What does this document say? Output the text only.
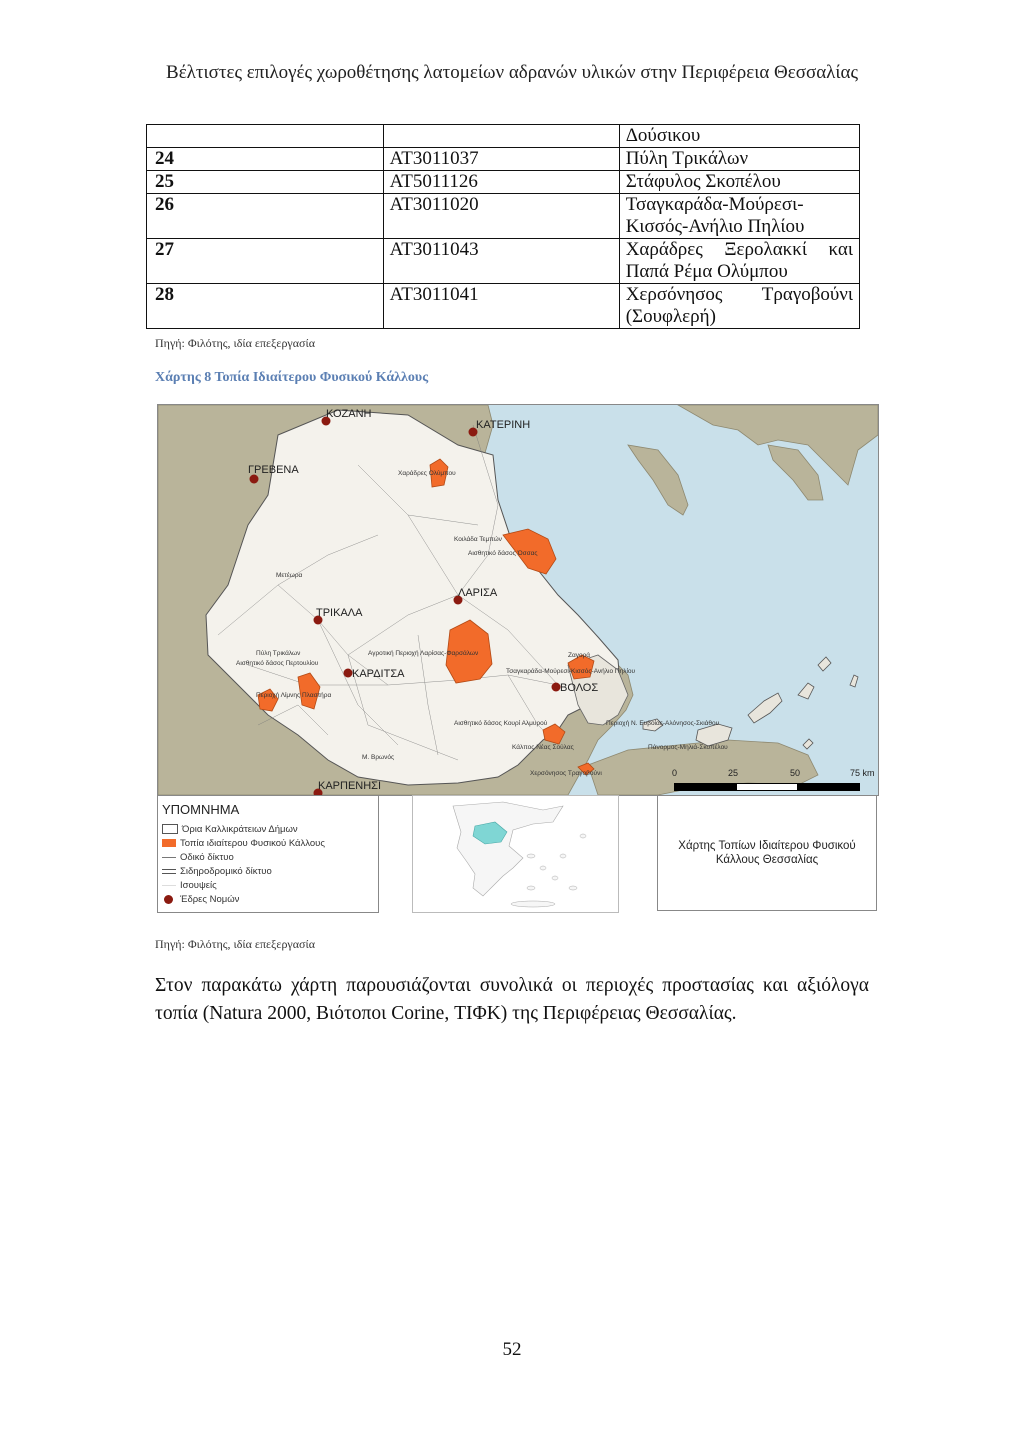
Βέλτιστες επιλογές χωροθέτησης λατομείων αδρανών υλικών στην Περιφέρεια Θεσσαλίας
		Δούσικου
24	AT3011037	Πύλη Τρικάλων
25	AT5011126	Στάφυλος Σκοπέλου
26	AT3011020	Τσαγκαράδα-Μούρεσι-
Κισσός-Ανήλιο Πηλίου

27	AT3011043	Χαράδρες Ξερολακκί και
Παπά Ρέμα Ολύμπου

28	AT3011041	Χερσόνησος Τραγοβούνι
(Σουφλερή)
Πηγή: Φιλότης, ιδία επεξεργασία
Χάρτης 8 Τοπία Ιδιαίτερου Φυσικού Κάλλους
ΚΟΖΑΝΗ
ΚΑΤΕΡΙΝΗ
ΓΡΕΒΕΝΑ
ΤΡΙΚΑΛΑ
ΛΑΡΙΣΑ
ΚΑΡΔΙΤΣΑ
ΒΟΛΟΣ
ΚΑΡΠΕΝΗΣΙ
Χαράδρες Ολύμπου
Κοιλάδα Τεμπών
Αισθητικό δάσος Όσσας
Μετέωρα
Πύλη Τρικάλων
Αισθητικό δάσος Περτουλίου
Περιοχή Λίμνης Πλαστήρα
Αγροτική Περιοχή Λαρίσας-Φαρσάλων
Τσαγκαράδα-Μούρεσι-Κισσός-Ανήλιο Πηλίου
Ζαγορά
Αισθητικό δάσος Κουρί Αλμυρού	Περιοχή Ν. Ευβοίας-Αλόνησος-Σκιάθου
Κάλπος Νέας Σούλας	Πάνορμος-Μηλιά-Σκοπέλου
Χερσόνησος Τραγοβούνι
Μ. Βρωνός
0	25	50	75 km
ΥΠΟΜΝΗΜΑ
Όρια Καλλικράτειων Δήμων
Τοπία ιδιαίτερου Φυσικού Κάλλους
Οδικό δίκτυο
Σιδηροδρομικό δίκτυο
Ισουψείς
Έδρες Νομών
Χάρτης Τοπίων Ιδιαίτερου Φυσικού
Κάλλους Θεσσαλίας
Πηγή: Φιλότης, ιδία επεξεργασία
Στον παρακάτω χάρτη παρουσιάζονται συνολικά οι περιοχές προστασίας και αξιόλογα τοπία (Natura 2000, Βιότοποι Corine, ΤΙΦΚ) της Περιφέρειας Θεσσαλίας.
52
